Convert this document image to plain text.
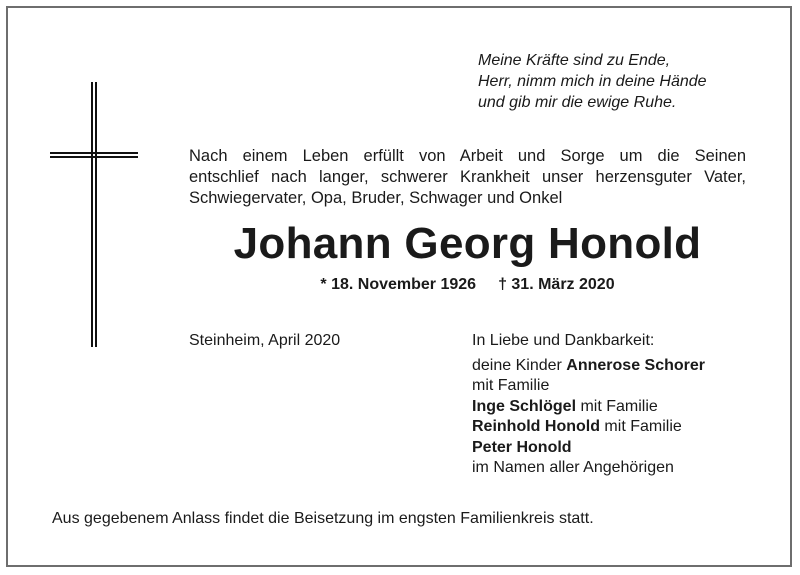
Meine Kräfte sind zu Ende,
Herr, nimm mich in deine Hände
und gib mir die ewige Ruhe.
Nach einem Leben erfüllt von Arbeit und Sorge um die Seinen
entschlief nach langer, schwerer Krankheit unser herzensguter Vater,
Schwiegervater, Opa, Bruder, Schwager und Onkel
Johann Georg Honold
* 18. November 1926 † 31. März 2020
Steinheim, April 2020	In Liebe und Dankbarkeit:
deine Kinder Annerose Schorer
mit Familie
Inge Schlögel mit Familie
Reinhold Honold mit Familie
Peter Honold
im Namen aller Angehörigen
Aus gegebenem Anlass findet die Beisetzung im engsten Familienkreis statt.
